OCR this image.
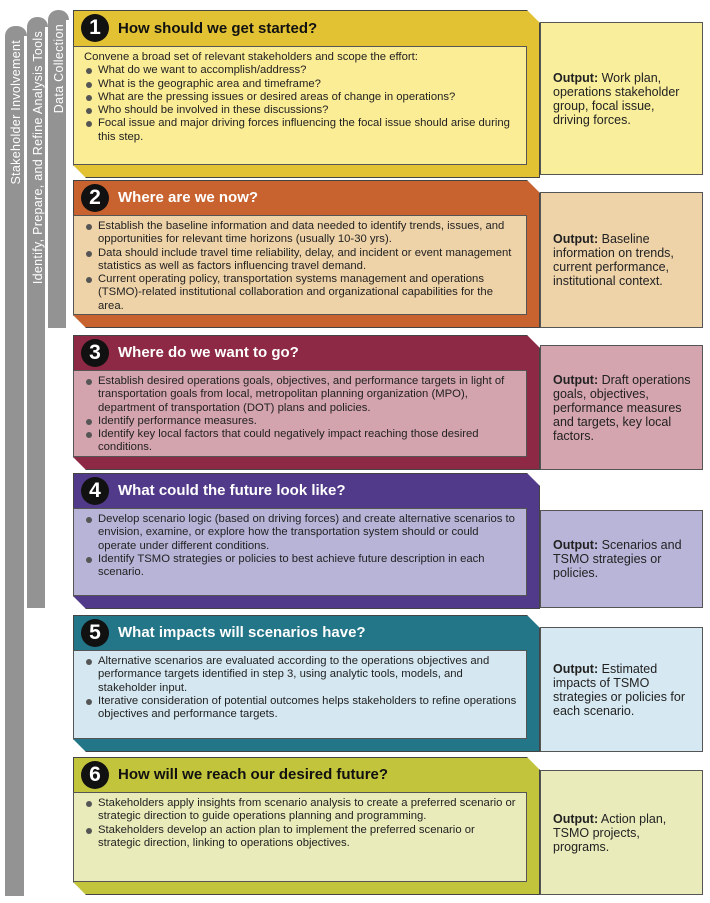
Stakeholder Involvement Identify, Prepare, and Refine Analysis Tools Data Collection	1	How should we get started?
Convene a broad set of relevant stakeholders and scope the effort:
What do we want to accomplish/address?
What is the geographic area and timeframe?
What are the pressing issues or desired areas of change in operations?
Who should be involved in these discussions?
Focal issue and major driving forces influencing the focal issue should arise during this step.
Output: Work plan, operations stakeholder group, focal issue, driving forces.
2	Where are we now?
Establish the baseline information and data needed to identify trends, issues, and opportunities for relevant time horizons (usually 10-30 yrs).
Data should include travel time reliability, delay, and incident or event management statistics as well as factors influencing travel demand.
Current operating policy, transportation systems management and operations (TSMO)-related institutional collaboration and organizational capabilities for the area.
Output: Baseline information on trends, current performance, institutional context.
3	Where do we want to go?
Establish desired operations goals, objectives, and performance targets in light of transportation goals from local, metropolitan planning organization (MPO), department of transportation (DOT) plans and policies.
Identify performance measures.
Identify key local factors that could negatively impact reaching those desired conditions.
Output: Draft operations goals, objectives, performance measures and targets, key local factors.
4	What could the future look like?
Develop scenario logic (based on driving forces) and create alternative scenarios to envision, examine, or explore how the transportation system should or could operate under different conditions.
Identify TSMO strategies or policies to best achieve future description in each scenario.
Output: Scenarios and TSMO strategies or policies.
5	What impacts will scenarios have?
Alternative scenarios are evaluated according to the operations objectives and performance targets identified in step 3, using analytic tools, models, and stakeholder input.
Iterative consideration of potential outcomes helps stakeholders to refine operations objectives and performance targets.
Output: Estimated impacts of TSMO strategies or policies for each scenario.
6	How will we reach our desired future?
Stakeholders apply insights from scenario analysis to create a preferred scenario or strategic direction to guide operations planning and programming.
Stakeholders develop an action plan to implement the preferred scenario or strategic direction, linking to operations objectives.
Output: Action plan, TSMO projects, programs.
